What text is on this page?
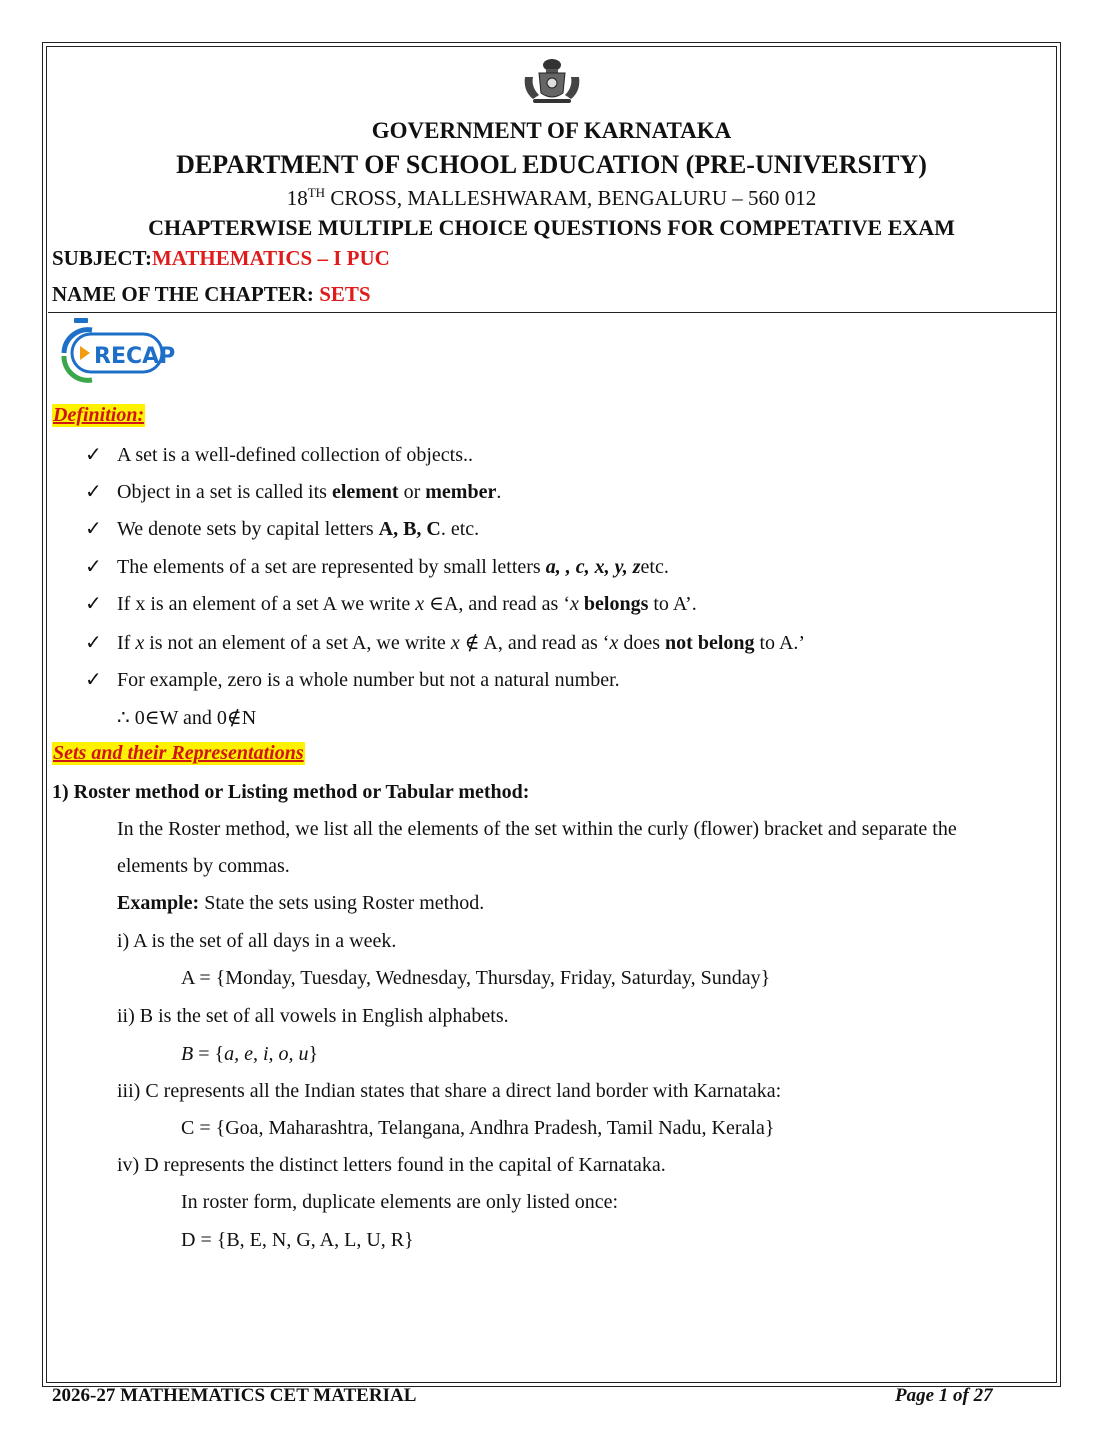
GOVERNMENT OF KARNATAKA
DEPARTMENT OF SCHOOL EDUCATION (PRE-UNIVERSITY)
18TH CROSS, MALLESHWARAM, BENGALURU – 560 012
CHAPTERWISE MULTIPLE CHOICE QUESTIONS FOR COMPETATIVE EXAM
SUBJECT:MATHEMATICS – I PUC
NAME OF THE CHAPTER: SETS
RECAP
Definition:
✓ A set is a well-defined collection of objects..
✓ Object in a set is called its element or member.
✓ We denote sets by capital letters A, B, C. etc.
✓ The elements of a set are represented by small letters a, , c, x, y, zetc.
✓ If x is an element of a set A we write x ∈A, and read as ‘x belongs to A’.
✓ If x is not an element of a set A, we write x ∉ A, and read as ‘x does not belong to A.’
✓ For example, zero is a whole number but not a natural number.
∴ 0∈W and 0∉N
Sets and their Representations
1) Roster method or Listing method or Tabular method:
In the Roster method, we list all the elements of the set within the curly (flower) bracket and separate the
elements by commas.
Example: State the sets using Roster method.
i) A is the set of all days in a week.
A = {Monday, Tuesday, Wednesday, Thursday, Friday, Saturday, Sunday}
ii) B is the set of all vowels in English alphabets.
B = {a, e, i, o, u}
iii) C represents all the Indian states that share a direct land border with Karnataka:
C = {Goa, Maharashtra, Telangana, Andhra Pradesh, Tamil Nadu, Kerala}
iv) D represents the distinct letters found in the capital of Karnataka.
In roster form, duplicate elements are only listed once:
D = {B, E, N, G, A, L, U, R}
2026-27 MATHEMATICS CET MATERIAL	Page 1 of 27
